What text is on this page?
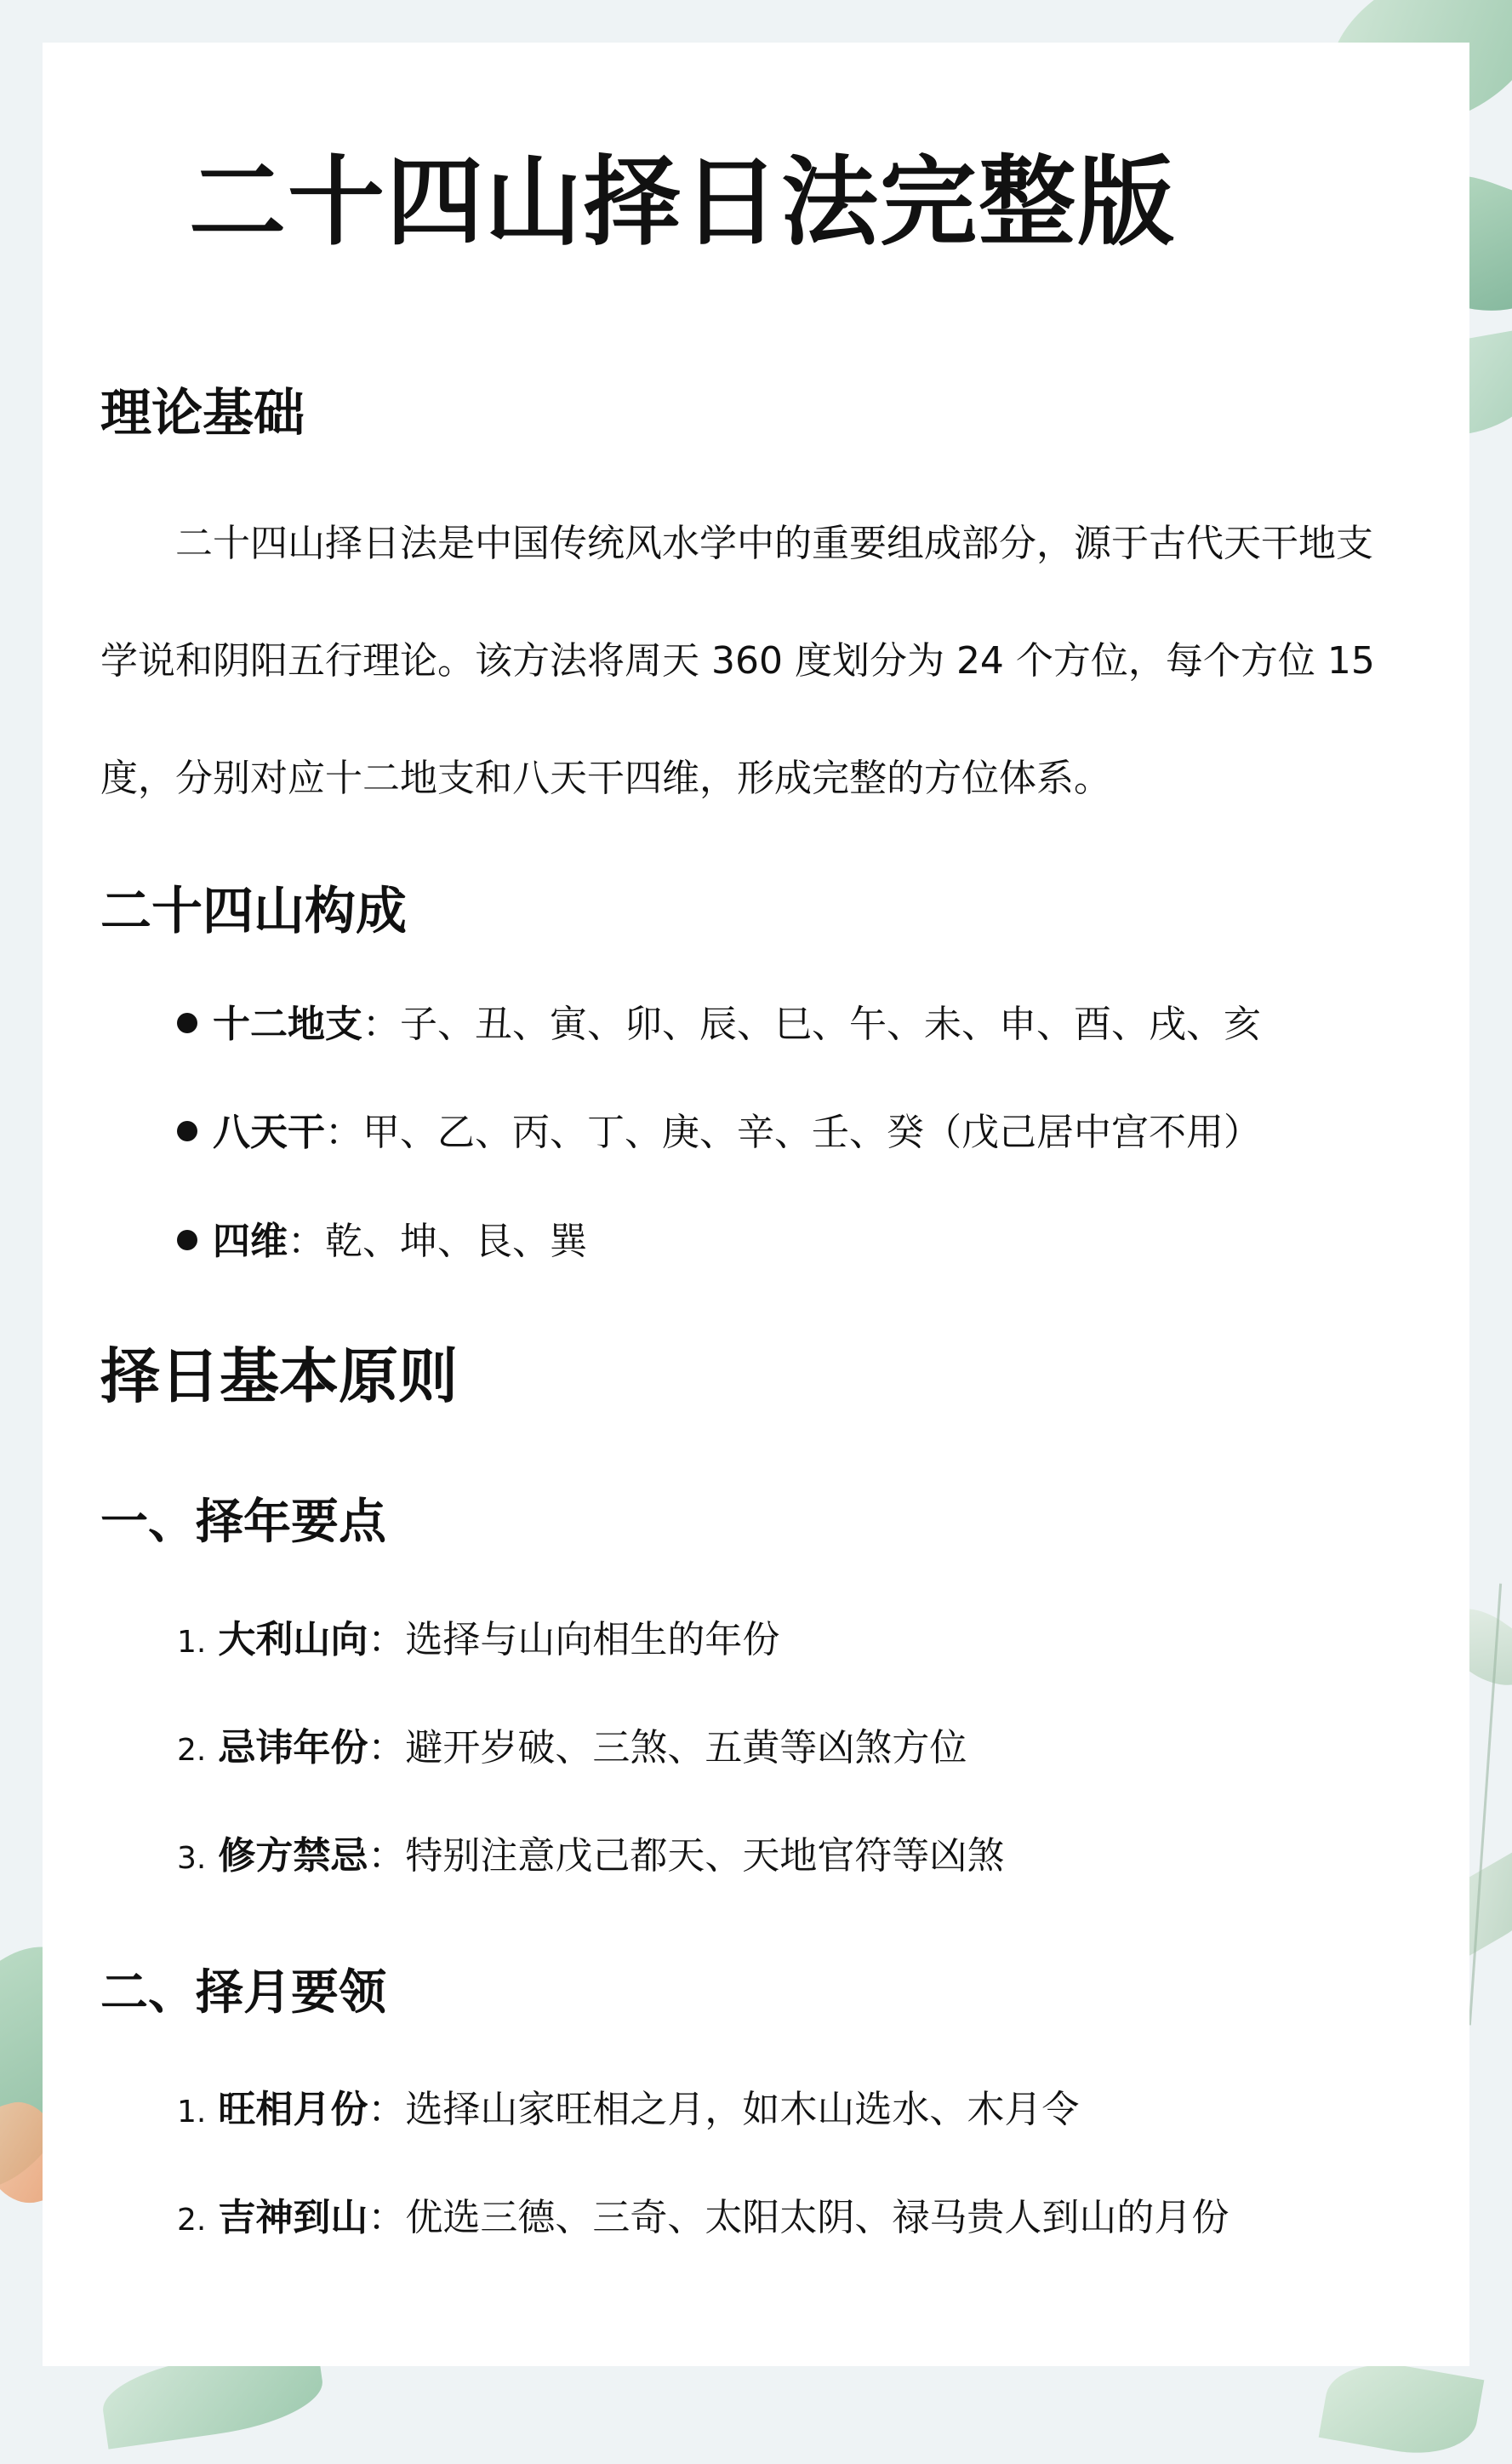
二十四山择日法完整版
理论基础
二十四山择日法是中国传统风水学中的重要组成部分，源于古代天干地支
学说和阴阳五行理论。该方法将周天 360 度划分为 24 个方位，每个方位 15
度，分别对应十二地支和八天干四维，形成完整的方位体系。
二十四山构成
十二地支：子、丑、寅、卯、辰、巳、午、未、申、酉、戌、亥
八天干：甲、乙、丙、丁、庚、辛、壬、癸（戊己居中宫不用）
四维：乾、坤、艮、巽
择日基本原则
一、择年要点
1. 大利山向：选择与山向相生的年份
2. 忌讳年份：避开岁破、三煞、五黄等凶煞方位
3. 修方禁忌：特别注意戊己都天、天地官符等凶煞
二、择月要领
1. 旺相月份：选择山家旺相之月，如木山选水、木月令
2. 吉神到山：优选三德、三奇、太阳太阴、禄马贵人到山的月份
